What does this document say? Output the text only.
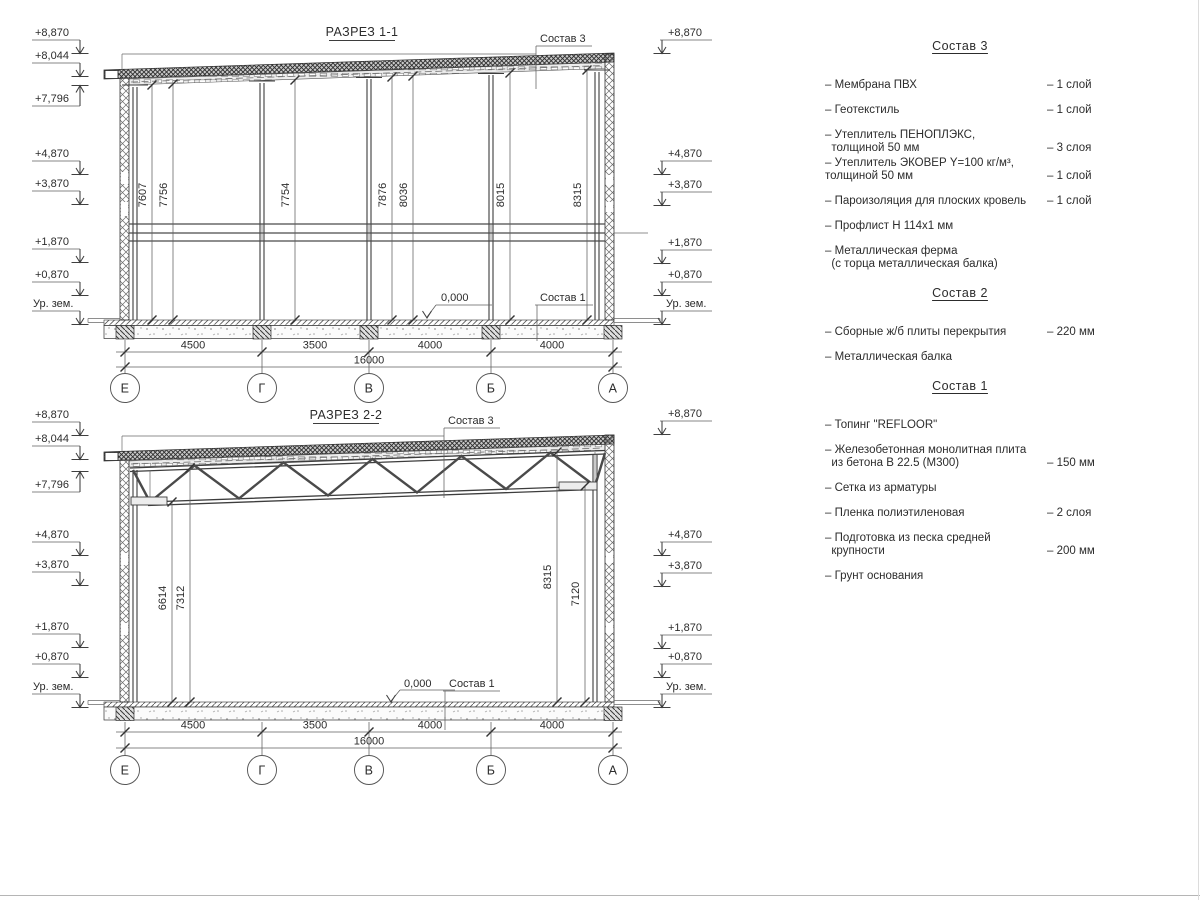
РАЗРЕЗ 1-1
0,000	Состав 1
Состав 3
7607 7756	7754	7876 8036	8015	8315
4500	3500	4000	4000
16000
Е	Г	В	Б	А
+8,870
+8,044
+7,796
+4,870
+3,870
+1,870
+0,870
Ур. зем.
+8,870
+4,870
+3,870
+1,870
+0,870
Ур. зем.
РАЗРЕЗ 2-2
0,000 Состав 1
Состав 3
6614 7312
8315
7120
4500	3500	4000	4000
16000
Е	Г	В	Б	А
+8,870
+8,044
+7,796
+4,870
+3,870
+1,870
+0,870
Ур. зем.
+8,870
+4,870
+3,870
+1,870
+0,870
Ур. зем.
Состав 3
– Мембрана ПВХ	– 1 слой
– Геотекстиль	– 1 слой
– Утеплитель ПЕНОПЛЭКС,
толщиной 50 мм	– 3 слоя
– Утеплитель ЭКОВЕР Y=100 кг/м³,
толщиной 50 мм	– 1 слой
– Пароизоляция для плоских кровель – 1 слой
– Профлист Н 114х1 мм
– Металлическая ферма
(с торца металлическая балка)
Состав 2
– Сборные ж/б плиты перекрытия	– 220 мм
– Металлическая балка
Состав 1
– Топинг "REFLOOR"
– Железобетонная монолитная плита
из бетона В 22.5 (М300)	– 150 мм
– Сетка из арматуры
– Пленка полиэтиленовая	– 2 слоя
– Подготовка из песка средней
крупности	– 200 мм
– Грунт основания
